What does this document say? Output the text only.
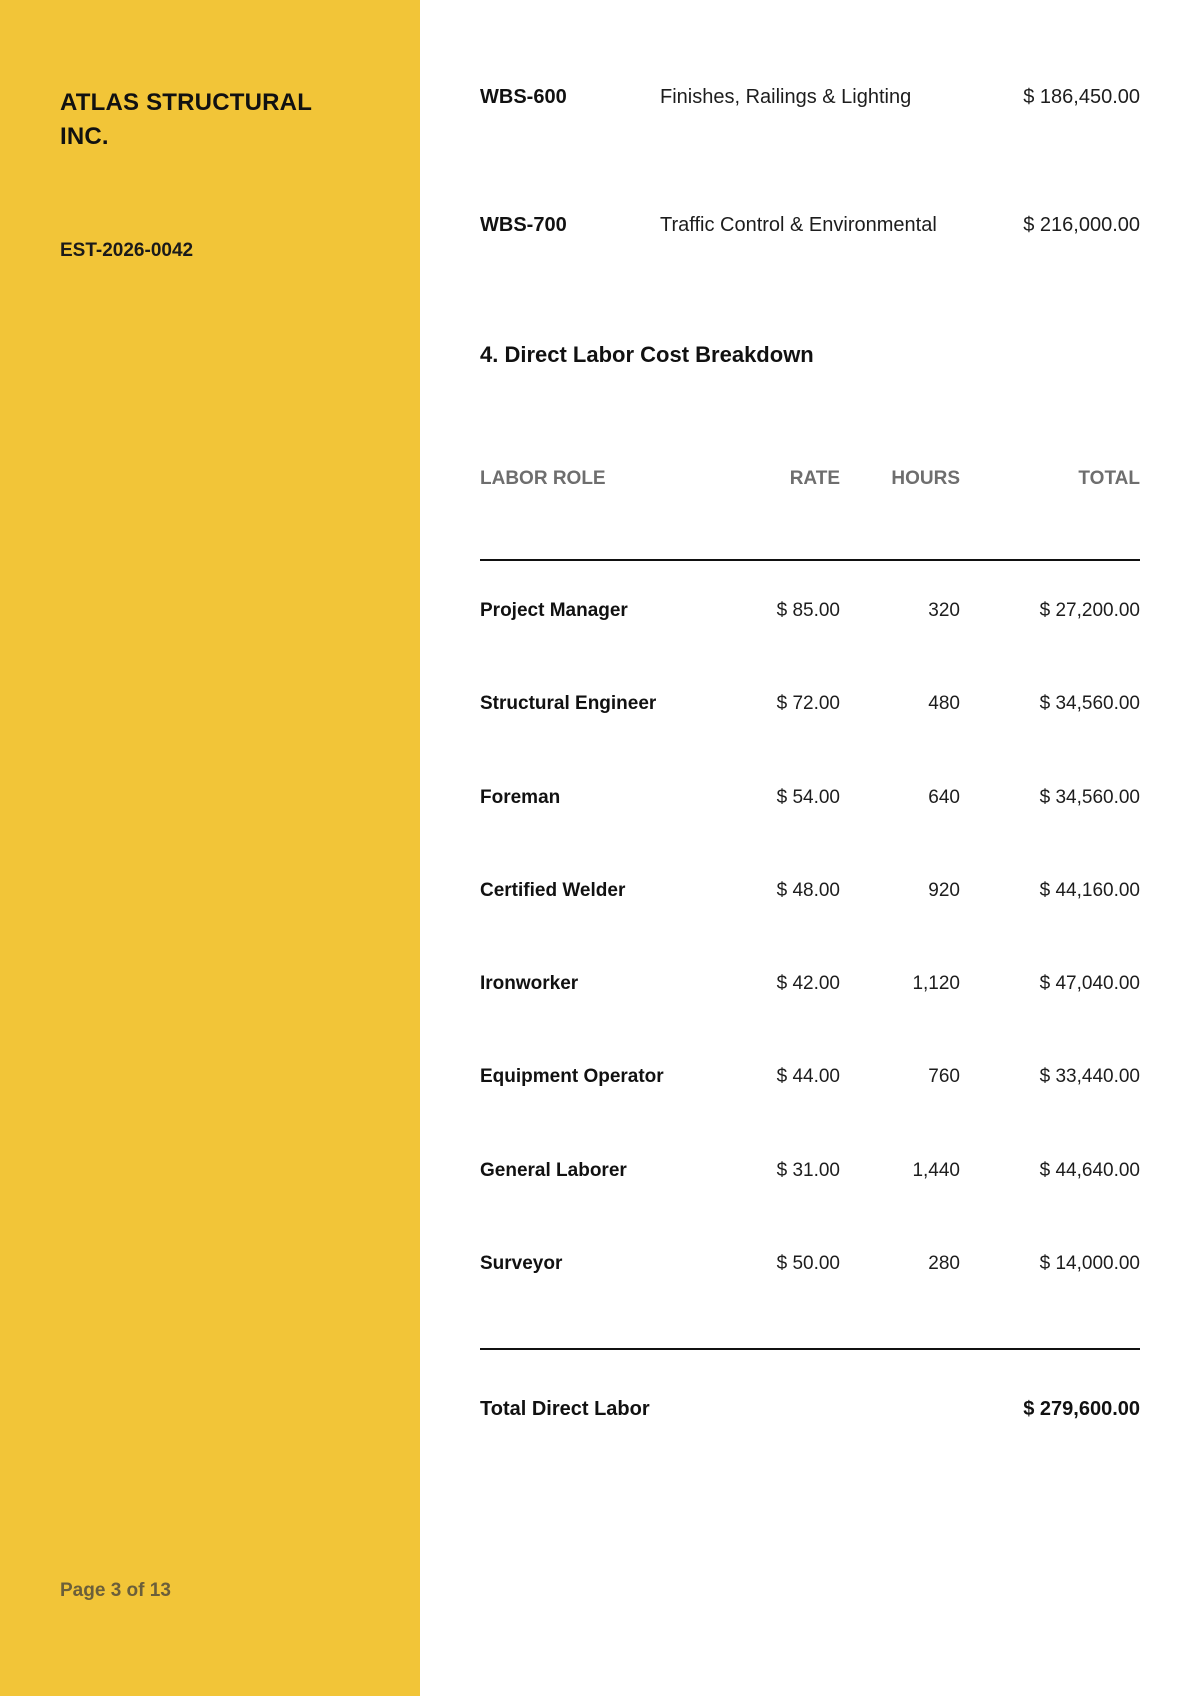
ATLAS STRUCTURAL INC.
EST-2026-0042
Page 3 of 13
WBS-600	Finishes, Railings & Lighting	$ 186,450.00
WBS-700	Traffic Control & Environmental	$ 216,000.00
4. Direct Labor Cost Breakdown
LABOR ROLE	RATE	HOURS	TOTAL
Project Manager	$ 85.00	320	$ 27,200.00
Structural Engineer	$ 72.00	480	$ 34,560.00
Foreman	$ 54.00	640	$ 34,560.00
Certified Welder	$ 48.00	920	$ 44,160.00
Ironworker	$ 42.00	1,120	$ 47,040.00
Equipment Operator	$ 44.00	760	$ 33,440.00
General Laborer	$ 31.00	1,440	$ 44,640.00
Surveyor	$ 50.00	280	$ 14,000.00
Total Direct Labor	$ 279,600.00
